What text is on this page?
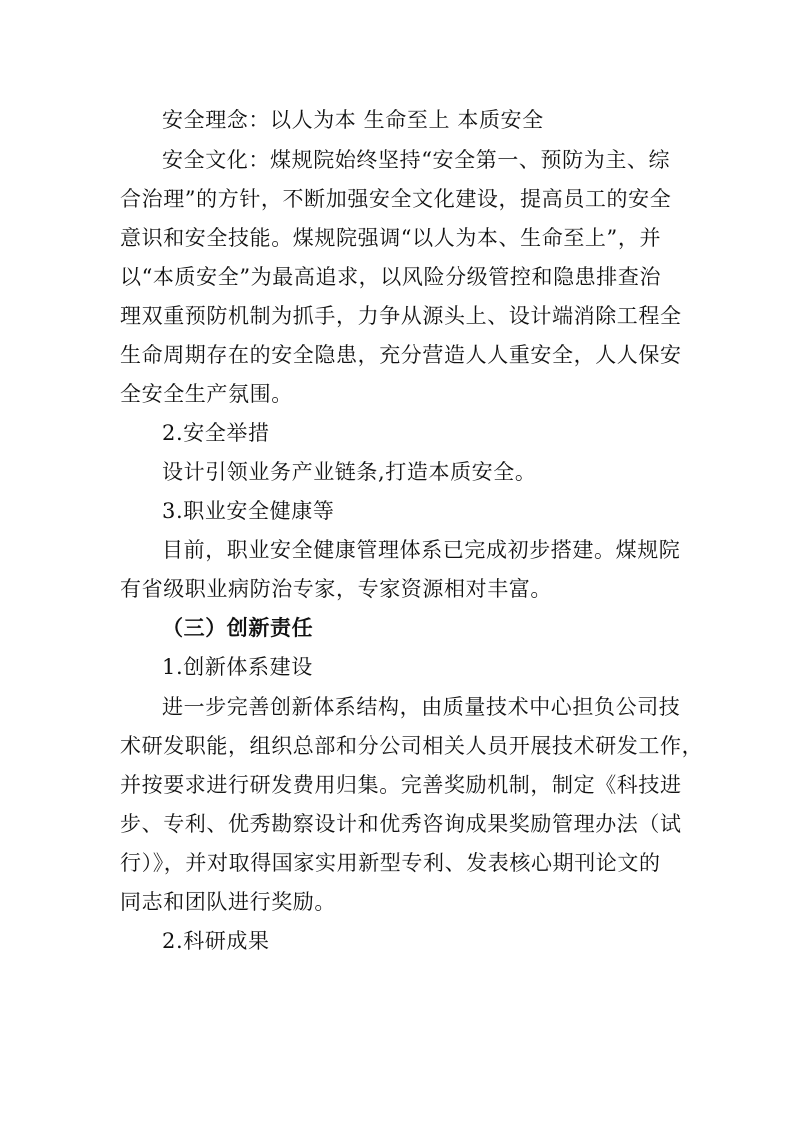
安全理念：以人为本 生命至上 本质安全
安全文化：煤规院始终坚持“安全第一、预防为主、综
合治理”的方针，不断加强安全文化建设，提高员工的安全
意识和安全技能。煤规院强调“以人为本、生命至上”，并
以“本质安全”为最高追求，以风险分级管控和隐患排查治
理双重预防机制为抓手，力争从源头上、设计端消除工程全
生命周期存在的安全隐患，充分营造人人重安全，人人保安
全安全生产氛围。
2.安全举措
设计引领业务产业链条,打造本质安全。
3.职业安全健康等
目前，职业安全健康管理体系已完成初步搭建。煤规院
有省级职业病防治专家，专家资源相对丰富。
（三）创新责任
1.创新体系建设
进一步完善创新体系结构，由质量技术中心担负公司技
术研发职能，组织总部和分公司相关人员开展技术研发工作，
并按要求进行研发费用归集。完善奖励机制，制定《科技进
步、专利、优秀勘察设计和优秀咨询成果奖励管理办法（试
行）》，并对取得国家实用新型专利、发表核心期刊论文的
同志和团队进行奖励。
2.科研成果
